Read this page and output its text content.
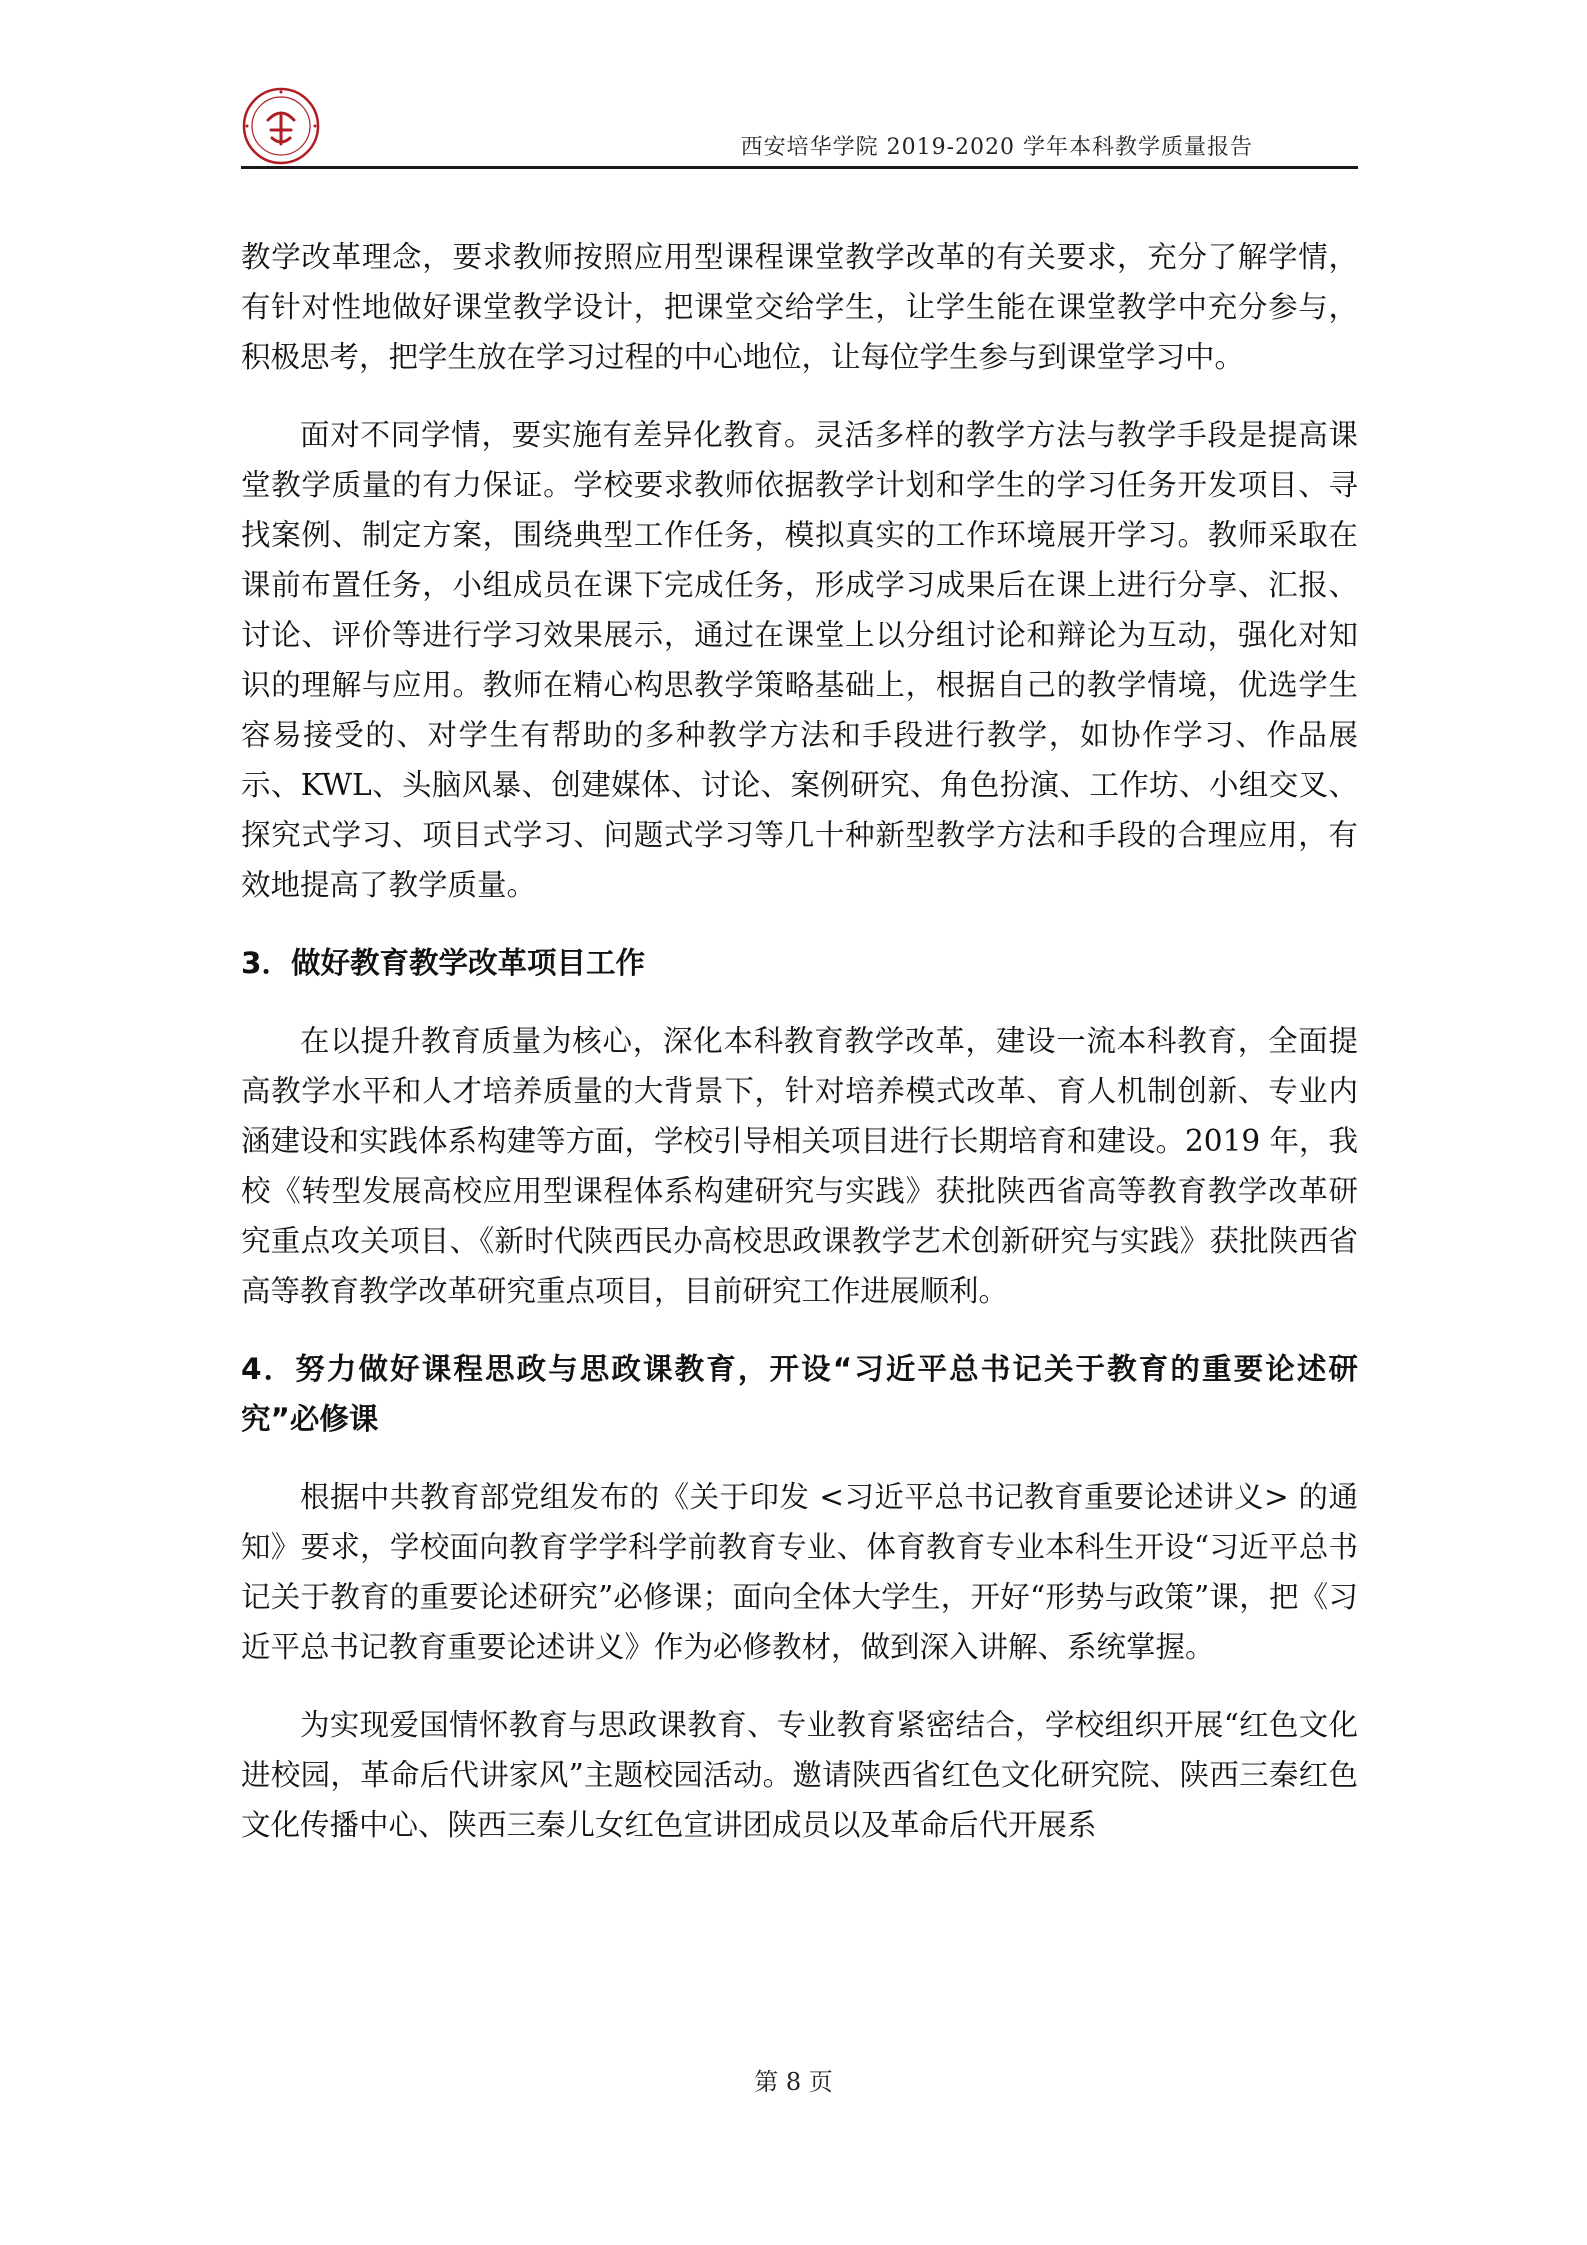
西安培华学院 2019-2020 学年本科教学质量报告

教学改革理念，要求教师按照应用型课程课堂教学改革的有关要求，充分了解学情，有针对性地做好课堂教学设计，把课堂交给学生，让学生能在课堂教学中充分参与，积极思考，把学生放在学习过程的中心地位，让每位学生参与到课堂学习中。

面对不同学情，要实施有差异化教育。灵活多样的教学方法与教学手段是提高课堂教学质量的有力保证。学校要求教师依据教学计划和学生的学习任务开发项目、寻找案例、制定方案，围绕典型工作任务，模拟真实的工作环境展开学习。教师采取在课前布置任务，小组成员在课下完成任务，形成学习成果后在课上进行分享、汇报、讨论、评价等进行学习效果展示，通过在课堂上以分组讨论和辩论为互动，强化对知识的理解与应用。教师在精心构思教学策略基础上，根据自己的教学情境，优选学生容易接受的、对学生有帮助的多种教学方法和手段进行教学，如协作学习、作品展示、KWL、头脑风暴、创建媒体、讨论、案例研究、角色扮演、工作坊、小组交叉、探究式学习、项目式学习、问题式学习等几十种新型教学方法和手段的合理应用，有效地提高了教学质量。

3．做好教育教学改革项目工作

在以提升教育质量为核心，深化本科教育教学改革，建设一流本科教育，全面提高教学水平和人才培养质量的大背景下，针对培养模式改革、育人机制创新、专业内涵建设和实践体系构建等方面，学校引导相关项目进行长期培育和建设。2019 年，我校《转型发展高校应用型课程体系构建研究与实践》获批陕西省高等教育教学改革研究重点攻关项目、《新时代陕西民办高校思政课教学艺术创新研究与实践》获批陕西省高等教育教学改革研究重点项目，目前研究工作进展顺利。

4．努力做好课程思政与思政课教育，开设“习近平总书记关于教育的重要论述研究”必修课

根据中共教育部党组发布的《关于印发 <习近平总书记教育重要论述讲义> 的通知》要求，学校面向教育学学科学前教育专业、体育教育专业本科生开设“习近平总书记关于教育的重要论述研究”必修课；面向全体大学生，开好“形势与政策”课，把《习近平总书记教育重要论述讲义》作为必修教材，做到深入讲解、系统掌握。

为实现爱国情怀教育与思政课教育、专业教育紧密结合，学校组织开展“红色文化进校园，革命后代讲家风”主题校园活动。邀请陕西省红色文化研究院、陕西三秦红色文化传播中心、陕西三秦儿女红色宣讲团成员以及革命后代开展系

第 8 页
